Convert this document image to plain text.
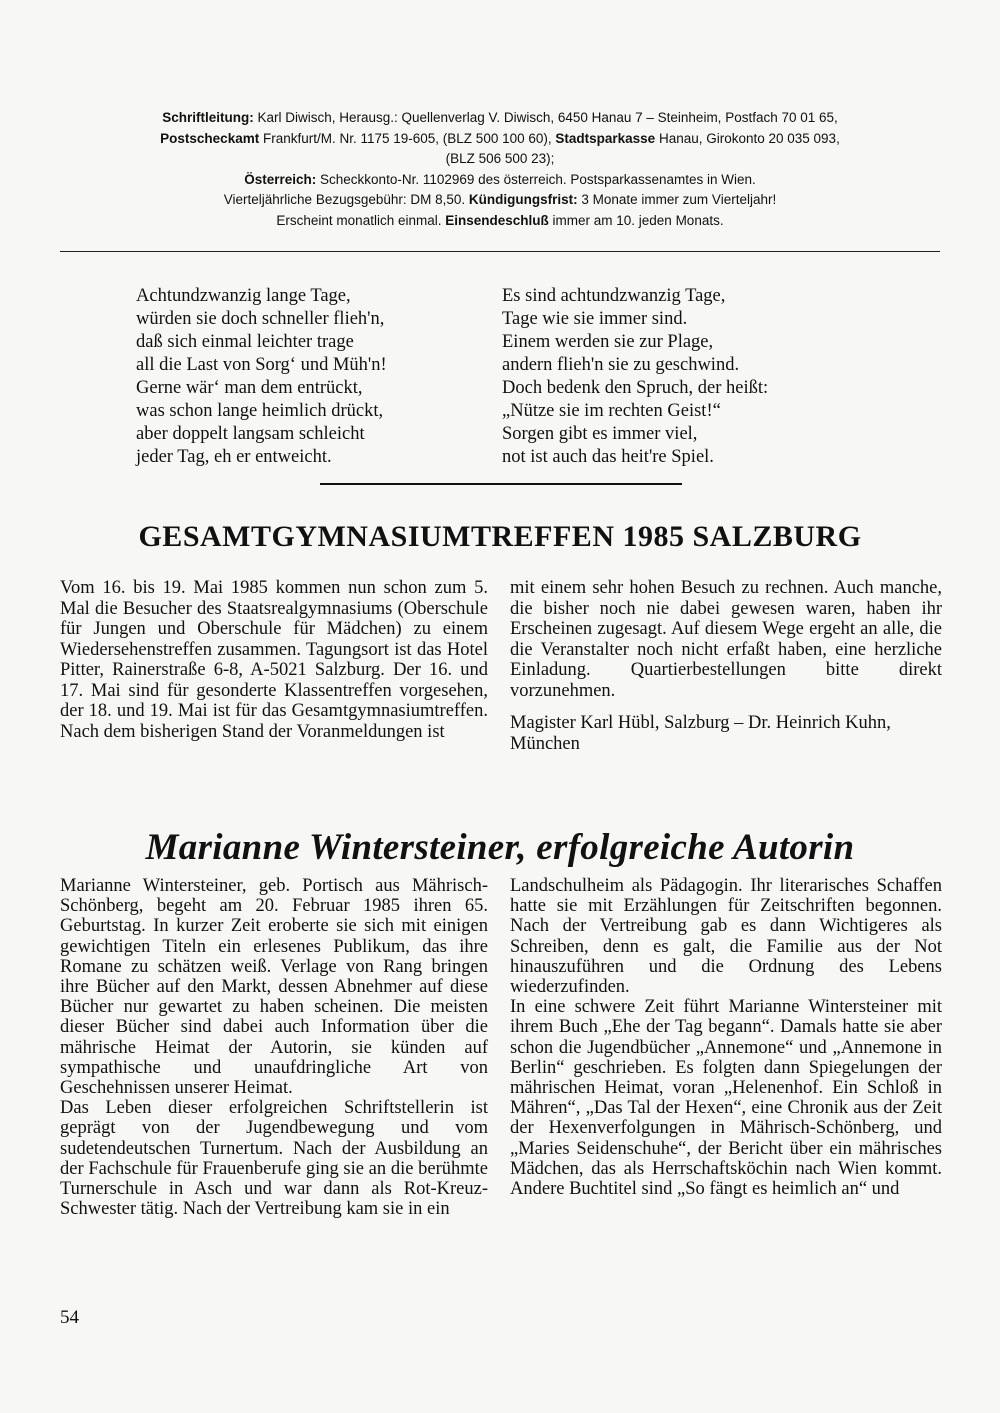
Schriftleitung: Karl Diwisch, Herausg.: Quellenverlag V. Diwisch, 6450 Hanau 7 – Steinheim, Postfach 70 01 65,

Postscheckamt Frankfurt/M. Nr. 1175 19-605, (BLZ 500 100 60), Stadtsparkasse Hanau, Girokonto 20 035 093,

(BLZ 506 500 23);

Österreich: Scheckkonto-Nr. 1102969 des österreich. Postsparkassenamtes in Wien.

Vierteljährliche Bezugsgebühr: DM 8,50. Kündigungsfrist: 3 Monate immer zum Vierteljahr!

Erscheint monatlich einmal. Einsendeschluß immer am 10. jeden Monats.

Achtundzwanzig lange Tage,
würden sie doch schneller flieh'n,
daß sich einmal leichter trage
all die Last von Sorg‘ und Müh'n!
Gerne wär‘ man dem entrückt,
was schon lange heimlich drückt,
aber doppelt langsam schleicht
jeder Tag, eh er entweicht.
Es sind achtundzwanzig Tage,
Tage wie sie immer sind.
Einem werden sie zur Plage,
andern flieh'n sie zu geschwind.
Doch bedenk den Spruch, der heißt:
„Nütze sie im rechten Geist!“
Sorgen gibt es immer viel,
not ist auch das heit're Spiel.
GESAMTGYMNASIUMTREFFEN 1985 SALZBURG

Vom 16. bis 19. Mai 1985 kommen nun schon zum 5. Mal die Besucher des Staatsrealgymnasiums (Oberschule für Jungen und Oberschule für Mädchen) zu einem Wiedersehenstreffen zusammen. Tagungsort ist das Hotel Pitter, Rainerstraße 6-8, A-5021 Salzburg. Der 16. und 17. Mai sind für gesonderte Klassentreffen vorgesehen, der 18. und 19. Mai ist für das Gesamtgymnasiumtreffen. Nach dem bisherigen Stand der Voranmeldungen ist

mit einem sehr hohen Besuch zu rechnen. Auch manche, die bisher noch nie dabei gewesen waren, haben ihr Erscheinen zugesagt. Auf diesem Wege ergeht an alle, die die Veranstalter noch nicht erfaßt haben, eine herzliche Einladung. Quartierbestellungen bitte direkt vorzunehmen.

Magister Karl Hübl, Salzburg – Dr. Heinrich Kuhn, München

Marianne Wintersteiner, erfolgreiche Autorin

Marianne Wintersteiner, geb. Portisch aus Mährisch-Schönberg, begeht am 20. Februar 1985 ihren 65. Geburtstag. In kurzer Zeit eroberte sie sich mit einigen gewichtigen Titeln ein erlesenes Publikum, das ihre Romane zu schätzen weiß. Verlage von Rang bringen ihre Bücher auf den Markt, dessen Abnehmer auf diese Bücher nur gewartet zu haben scheinen. Die meisten dieser Bücher sind dabei auch Information über die mährische Heimat der Autorin, sie künden auf sympathische und unaufdringliche Art von Geschehnissen unserer Heimat.

Das Leben dieser erfolgreichen Schriftstellerin ist geprägt von der Jugendbewegung und vom sudetendeutschen Turnertum. Nach der Ausbildung an der Fachschule für Frauenberufe ging sie an die berühmte Turnerschule in Asch und war dann als Rot-Kreuz-Schwester tätig. Nach der Vertreibung kam sie in ein

Landschulheim als Pädagogin. Ihr literarisches Schaffen hatte sie mit Erzählungen für Zeitschriften begonnen. Nach der Vertreibung gab es dann Wichtigeres als Schreiben, denn es galt, die Familie aus der Not hinauszuführen und die Ordnung des Lebens wiederzufinden.

In eine schwere Zeit führt Marianne Wintersteiner mit ihrem Buch „Ehe der Tag begann“. Damals hatte sie aber schon die Jugendbücher „Annemone“ und „Annemone in Berlin“ geschrieben. Es folgten dann Spiegelungen der mährischen Heimat, voran „Helenenhof. Ein Schloß in Mähren“, „Das Tal der Hexen“, eine Chronik aus der Zeit der Hexenverfolgungen in Mährisch-Schönberg, und „Maries Seidenschuhe“, der Bericht über ein mährisches Mädchen, das als Herrschaftsköchin nach Wien kommt. Andere Buchtitel sind „So fängt es heimlich an“ und

54
